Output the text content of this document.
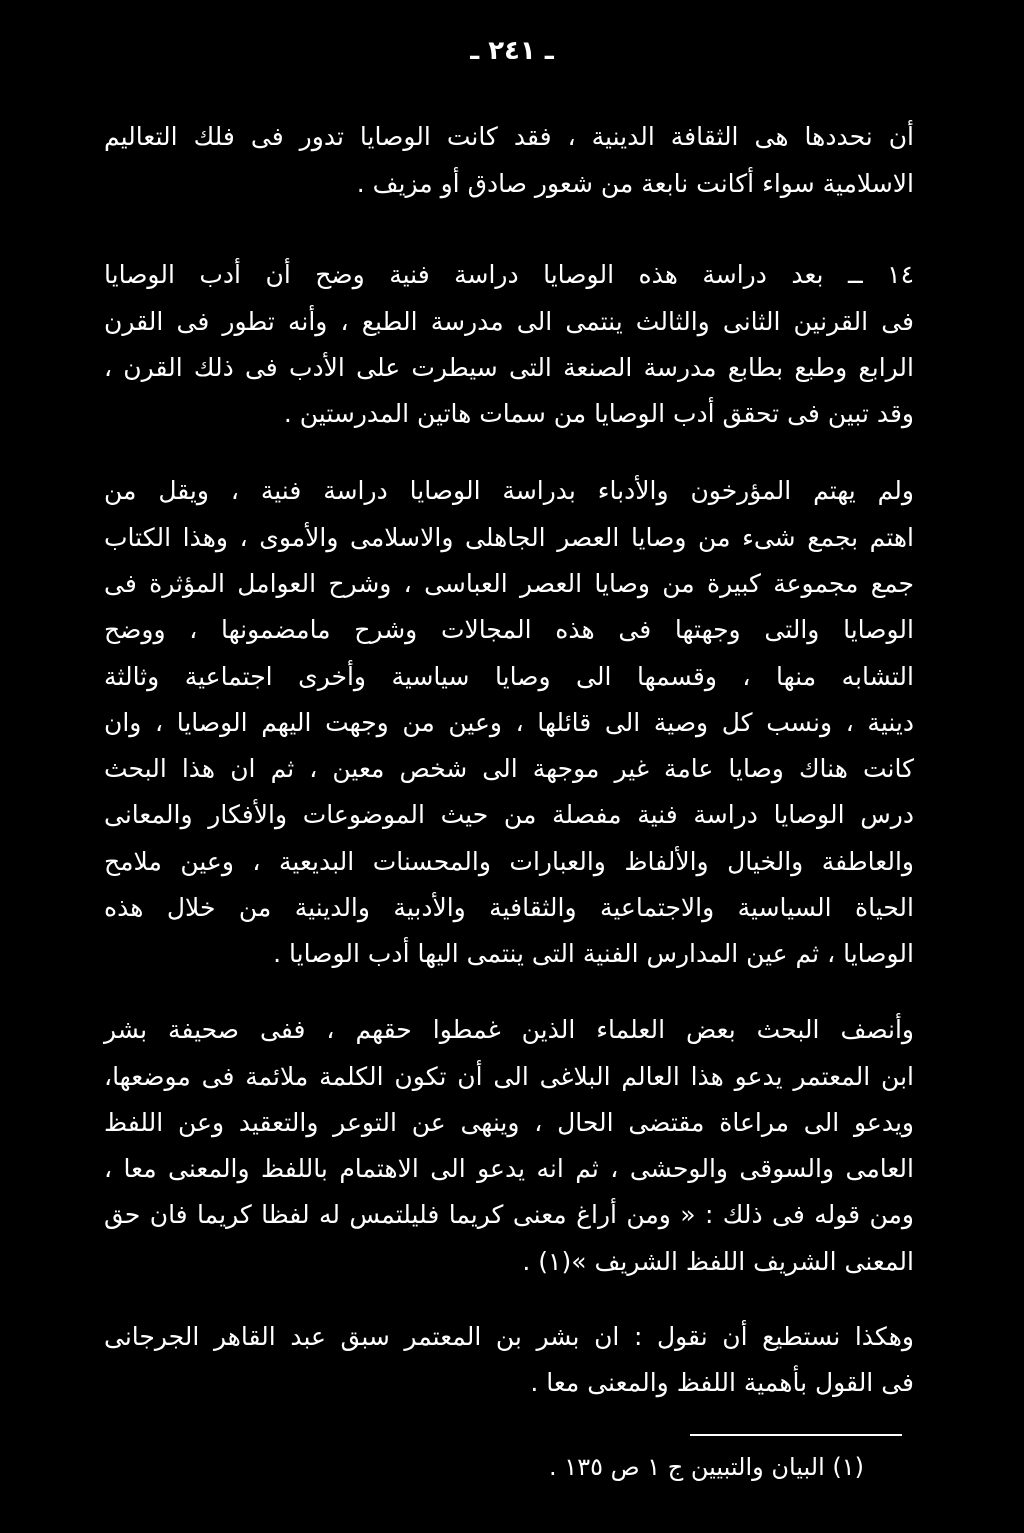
ـ ٢٤١ ـ
أن نحددها هى الثقافة الدينية ، فقد كانت الوصايا تدور فى فلك التعاليم
الاسلامية سواء أكانت نابعة من شعور صادق أو مزيف .
١٤ ــ بعد دراسة هذه الوصايا دراسة فنية وضح أن أدب الوصايا
فى القرنين الثانى والثالث ينتمى الى مدرسة الطبع ، وأنه تطور فى القرن
الرابع وطبع بطابع مدرسة الصنعة التى سيطرت على الأدب فى ذلك القرن ،
وقد تبين فى تحقق أدب الوصايا من سمات هاتين المدرستين .
ولم يهتم المؤرخون والأدباء بدراسة الوصايا دراسة فنية ، ويقل من
اهتم بجمع شىء من وصايا العصر الجاهلى والاسلامى والأموى ، وهذا الكتاب
جمع مجموعة كبيرة من وصايا العصر العباسى ، وشرح العوامل المؤثرة فى
الوصايا والتى وجهتها فى هذه المجالات وشرح مامضمونها ، ووضح
التشابه منها ، وقسمها الى وصايا سياسية وأخرى اجتماعية وثالثة
دينية ، ونسب كل وصية الى قائلها ، وعين من وجهت اليهم الوصايا ، وان
كانت هناك وصايا عامة غير موجهة الى شخص معين ، ثم ان هذا البحث
درس الوصايا دراسة فنية مفصلة من حيث الموضوعات والأفكار والمعانى
والعاطفة والخيال والألفاظ والعبارات والمحسنات البديعية ، وعين ملامح
الحياة السياسية والاجتماعية والثقافية والأدبية والدينية من خلال هذه
الوصايا ، ثم عين المدارس الفنية التى ينتمى اليها أدب الوصايا .
وأنصف البحث بعض العلماء الذين غمطوا حقهم ، ففى صحيفة بشر
ابن المعتمر يدعو هذا العالم البلاغى الى أن تكون الكلمة ملائمة فى موضعها،
ويدعو الى مراعاة مقتضى الحال ، وينهى عن التوعر والتعقيد وعن اللفظ
العامى والسوقى والوحشى ، ثم انه يدعو الى الاهتمام باللفظ والمعنى معا ،
ومن قوله فى ذلك : « ومن أراغ معنى كريما فليلتمس له لفظا كريما فان حق
المعنى الشريف اللفظ الشريف »(١) .
وهكذا نستطيع أن نقول : ان بشر بن المعتمر سبق عبد القاهر الجرجانى
فى القول بأهمية اللفظ والمعنى معا .
(١) البيان والتبيين ج ١ ص ١٣٥ .
